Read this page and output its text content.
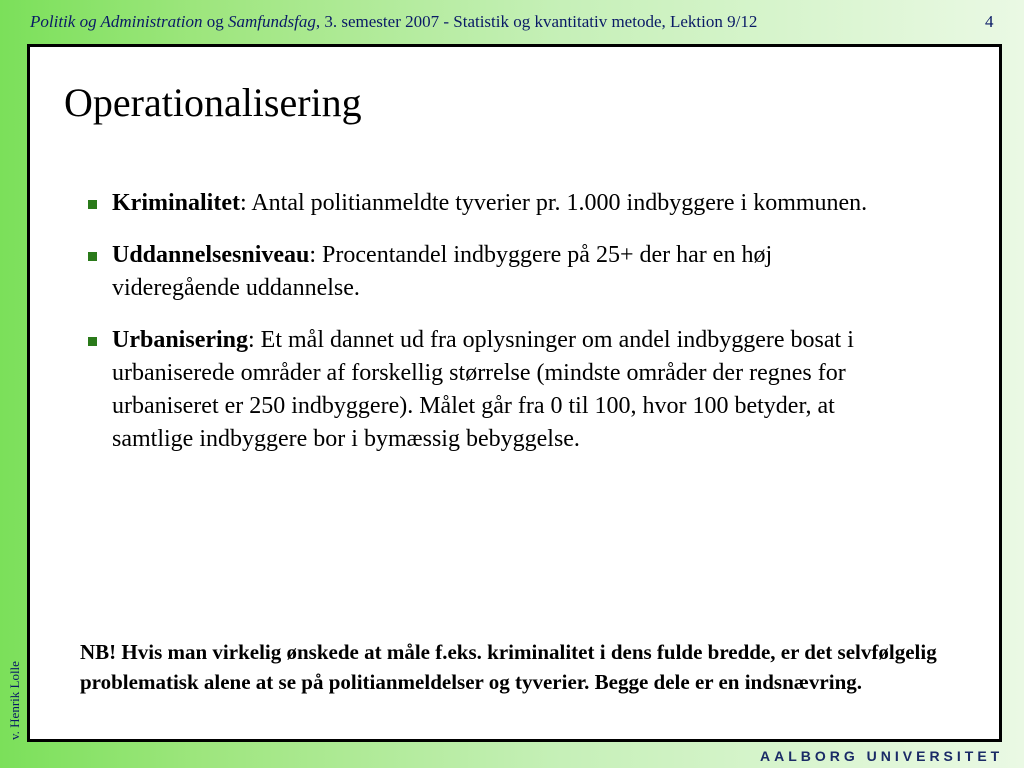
Politik og Administration og Samfundsfag, 3. semester 2007 - Statistik og kvantitativ metode, Lektion 9/12	4
v. Henrik Lolle
Operationalisering
Kriminalitet: Antal politianmeldte tyverier pr. 1.000 indbyggere i kommunen.
Uddannelsesniveau: Procentandel indbyggere på 25+ der har en høj videregående uddannelse.
Urbanisering: Et mål dannet ud fra oplysninger om andel indbyggere bosat i urbaniserede områder af forskellig størrelse (mindste områder der regnes for urbaniseret er 250 indbyggere). Målet går fra 0 til 100, hvor 100 betyder, at samtlige indbyggere bor i bymæssig bebyggelse.
NB! Hvis man virkelig ønskede at måle f.eks. kriminalitet i dens fulde bredde, er det selvfølgelig problematisk alene at se på politianmeldelser og tyverier. Begge dele er en indsnævring.
AALBORG UNIVERSITET
